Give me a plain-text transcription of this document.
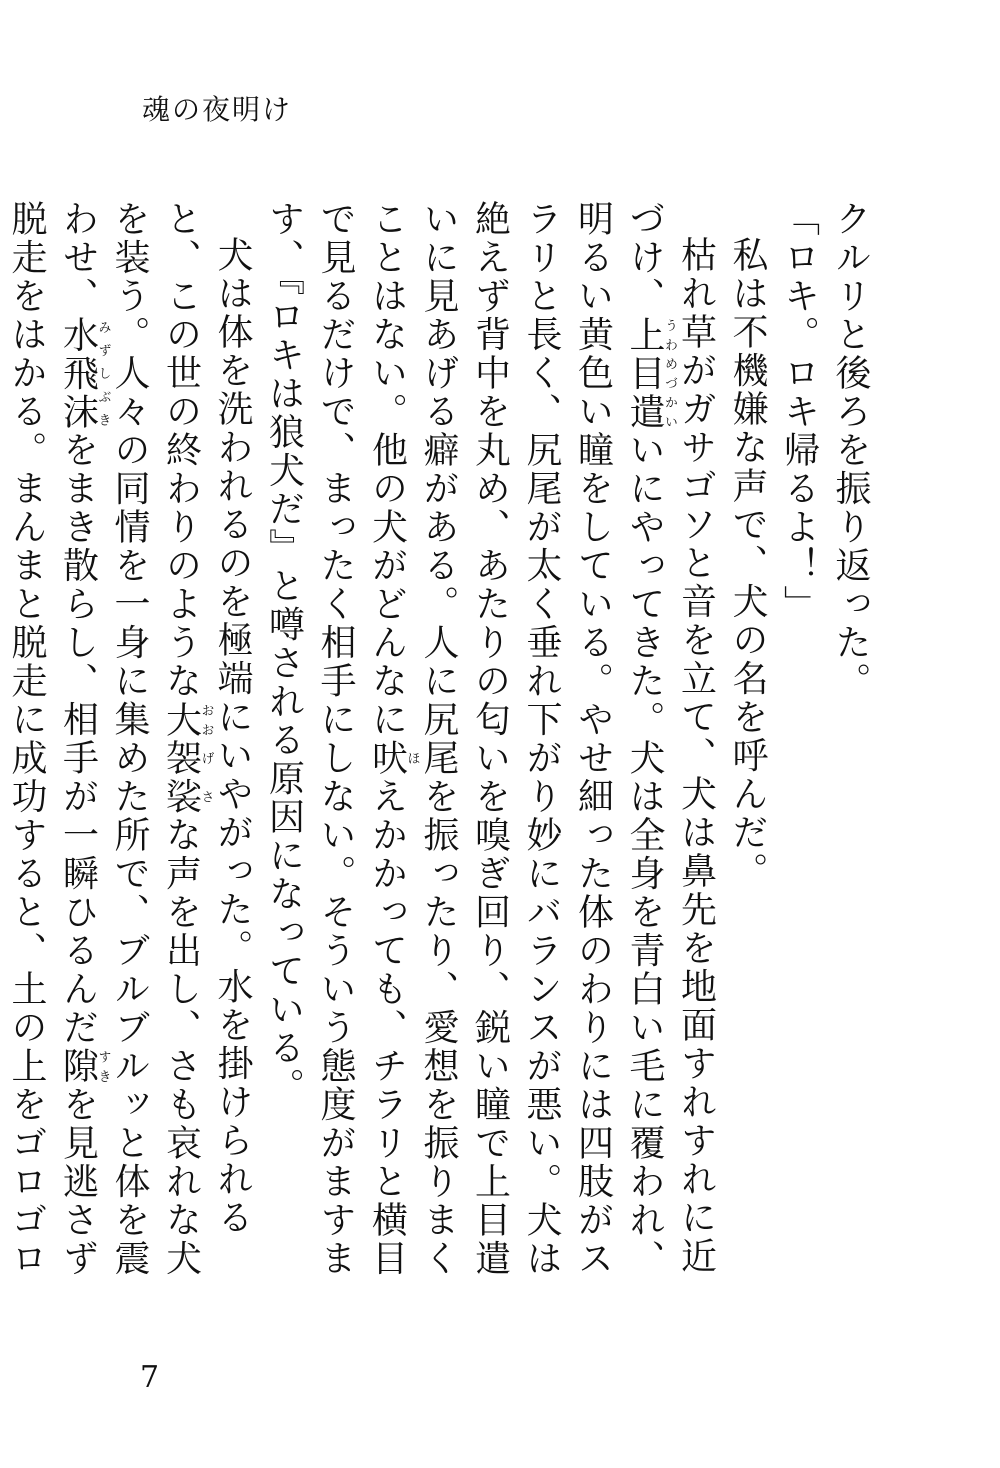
魂の夜明け

クルリと後ろを振り返った。

「ロキ。ロキ帰るよ！」

私は不機嫌な声で、犬の名を呼んだ。

枯れ草がガサゴソと音を立て、犬は鼻先を地面すれすれに近づけ、上目遣うわめづかいいにやってきた。犬は全身を青白い毛に覆われ、明るい黄色い瞳をしている。やせ細った体のわりには四肢がスラリと長く、尻尾が太く垂れ下がり妙にバランスが悪い。犬は絶えず背中を丸め、あたりの匂いを嗅ぎ回り、鋭い瞳で上目遣いに見あげる癖がある。人に尻尾を振ったり、愛想を振りまくことはない。他の犬がどんなに吠ほえかかっても、チラリと横目で見るだけで、まったく相手にしない。そういう態度がますます、『ロキは狼犬だ』と噂される原因になっている。

犬は体を洗われるのを極端にいやがった。水を掛けられると、この世の終わりのような大おお袈裟げさな声を出し、さも哀れな犬を装う。人々の同情を一身に集めた所で、ブルブルッと体を震わせ、水飛沫みずしぶきをまき散らし、相手が一瞬ひるんだ隙すきを見逃さず脱走をはかる。まんまと脱走に成功すると、土の上をゴロゴロ

7
